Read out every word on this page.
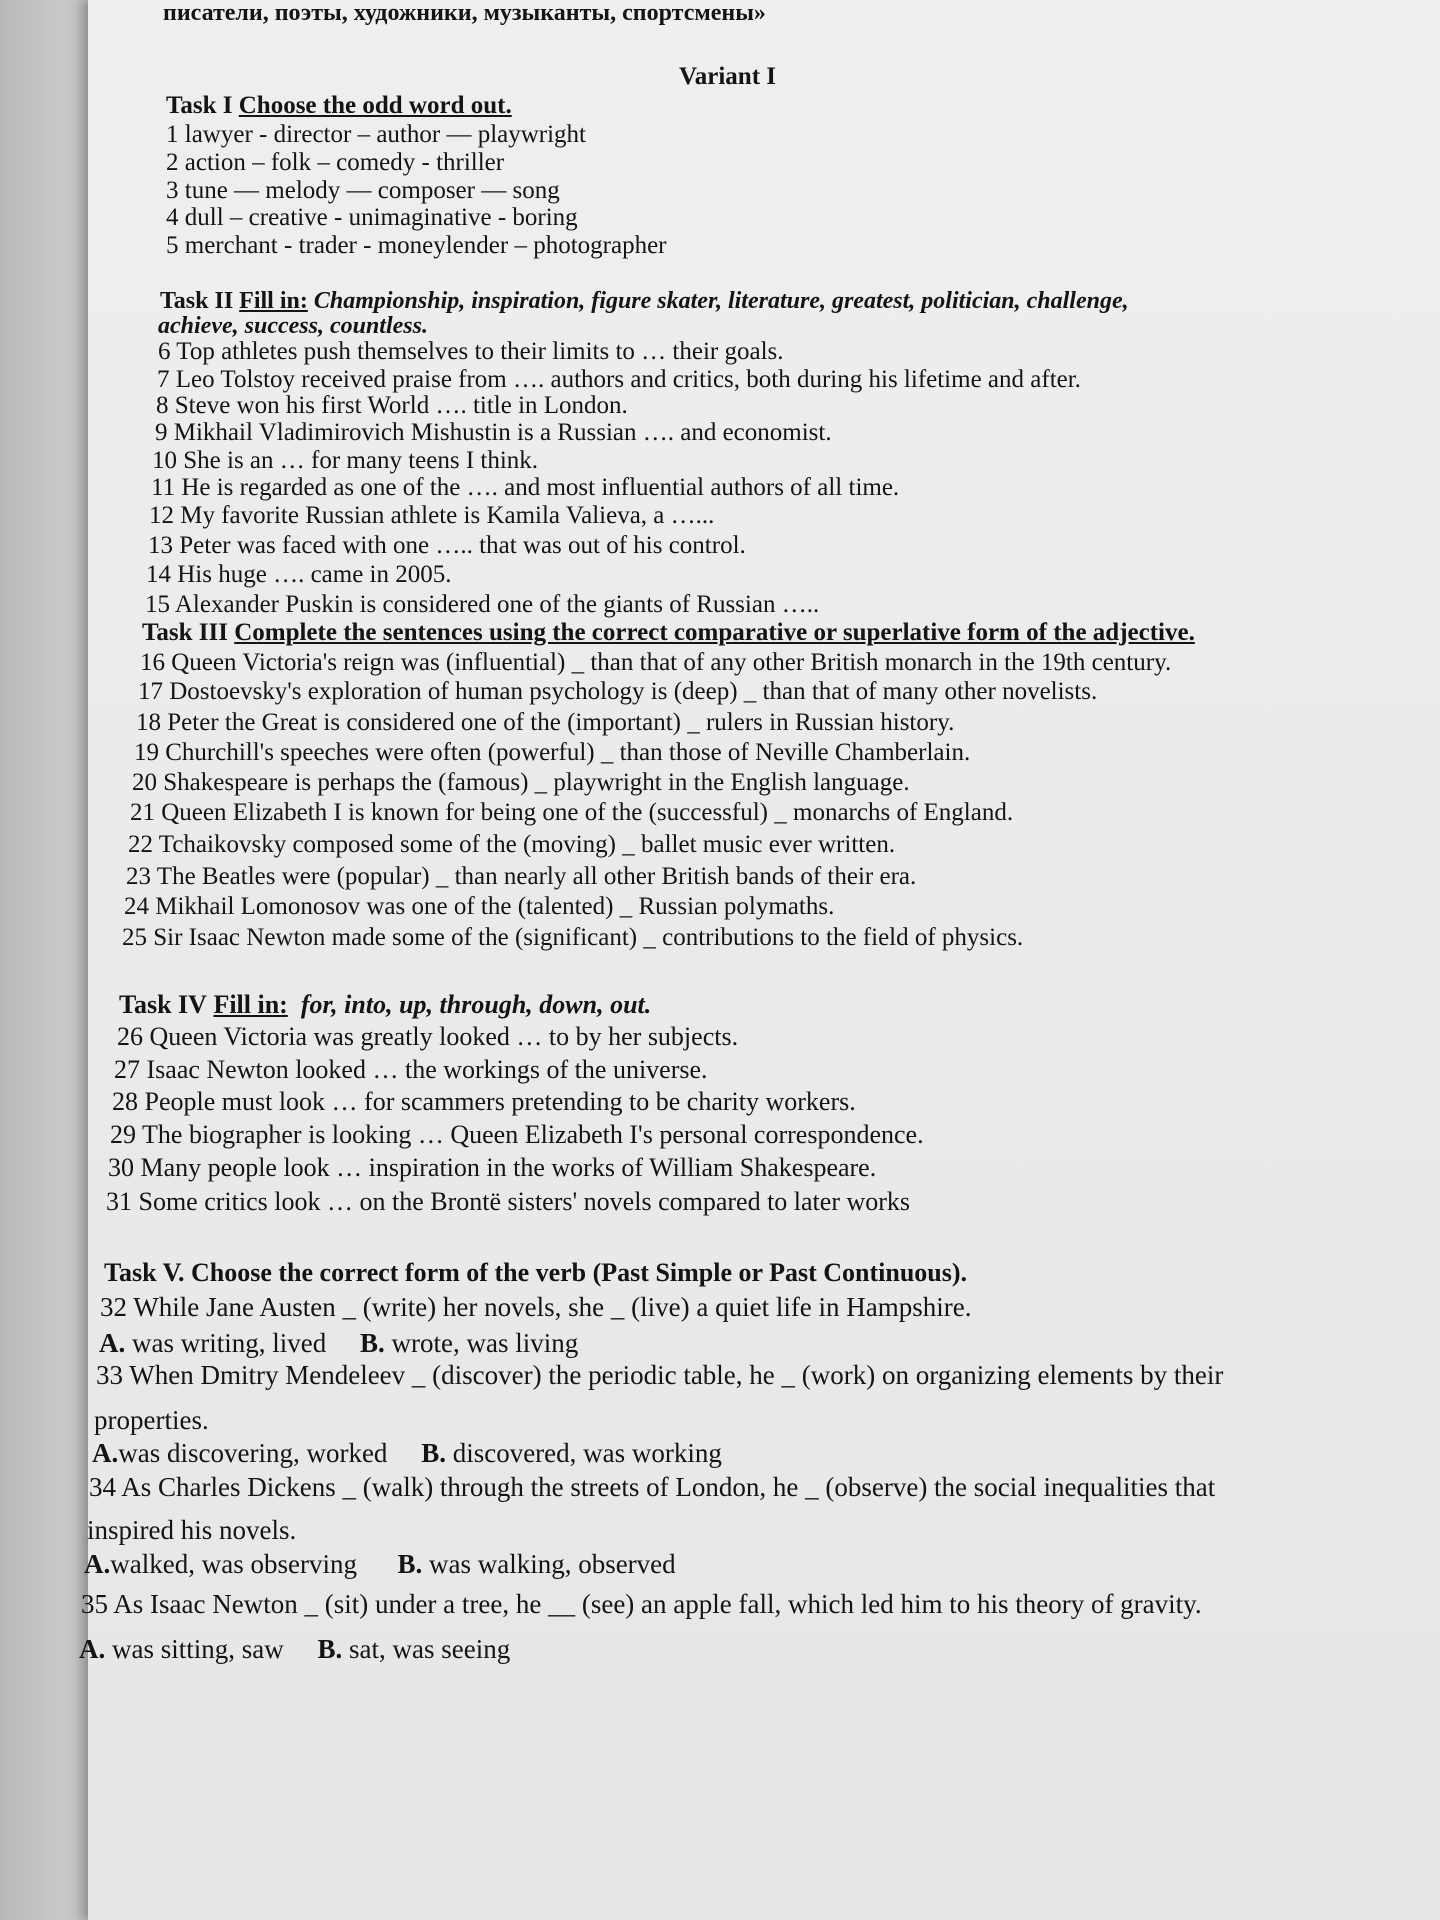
писатели, поэты, художники, музыканты, спортсмены»
Variant I
Task I Choose the odd word out.
1 lawyer - director – author — playwright
2 action – folk – comedy - thriller
3 tune — melody — composer — song
4 dull – creative - unimaginative - boring
5 merchant - trader - moneylender – photographer
Task II Fill in: Championship, inspiration, figure skater, literature, greatest, politician, challenge,
achieve, success, countless.
6 Top athletes push themselves to their limits to … their goals.
7 Leo Tolstoy received praise from …. authors and critics, both during his lifetime and after.
8 Steve won his first World …. title in London.
9 Mikhail Vladimirovich Mishustin is a Russian …. and economist.
10 She is an … for many teens I think.
11 He is regarded as one of the …. and most influential authors of all time.
12 My favorite Russian athlete is Kamila Valieva, a …...
13 Peter was faced with one ….. that was out of his control.
14 His huge …. came in 2005.
15 Alexander Puskin is considered one of the giants of Russian …..
Task III Complete the sentences using the correct comparative or superlative form of the adjective.
16 Queen Victoria's reign was (influential) _ than that of any other British monarch in the 19th century.
17 Dostoevsky's exploration of human psychology is (deep) _ than that of many other novelists.
18 Peter the Great is considered one of the (important) _ rulers in Russian history.
19 Churchill's speeches were often (powerful) _ than those of Neville Chamberlain.
20 Shakespeare is perhaps the (famous) _ playwright in the English language.
21 Queen Elizabeth I is known for being one of the (successful) _ monarchs of England.
22 Tchaikovsky composed some of the (moving) _ ballet music ever written.
23 The Beatles were (popular) _ than nearly all other British bands of their era.
24 Mikhail Lomonosov was one of the (talented) _ Russian polymaths.
25 Sir Isaac Newton made some of the (significant) _ contributions to the field of physics.
Task IV Fill in: for, into, up, through, down, out.
26 Queen Victoria was greatly looked … to by her subjects.
27 Isaac Newton looked … the workings of the universe.
28 People must look … for scammers pretending to be charity workers.
29 The biographer is looking … Queen Elizabeth I's personal correspondence.
30 Many people look … inspiration in the works of William Shakespeare.
31 Some critics look … on the Brontë sisters' novels compared to later works
Task V. Choose the correct form of the verb (Past Simple or Past Continuous).
32 While Jane Austen _ (write) her novels, she _ (live) a quiet life in Hampshire.
A. was writing, lived B. wrote, was living
33 When Dmitry Mendeleev _ (discover) the periodic table, he _ (work) on organizing elements by their
properties.
A.was discovering, worked B. discovered, was working
34 As Charles Dickens _ (walk) through the streets of London, he _ (observe) the social inequalities that
inspired his novels.
A.walked, was observing B. was walking, observed
35 As Isaac Newton _ (sit) under a tree, he __ (see) an apple fall, which led him to his theory of gravity.
A. was sitting, saw B. sat, was seeing
